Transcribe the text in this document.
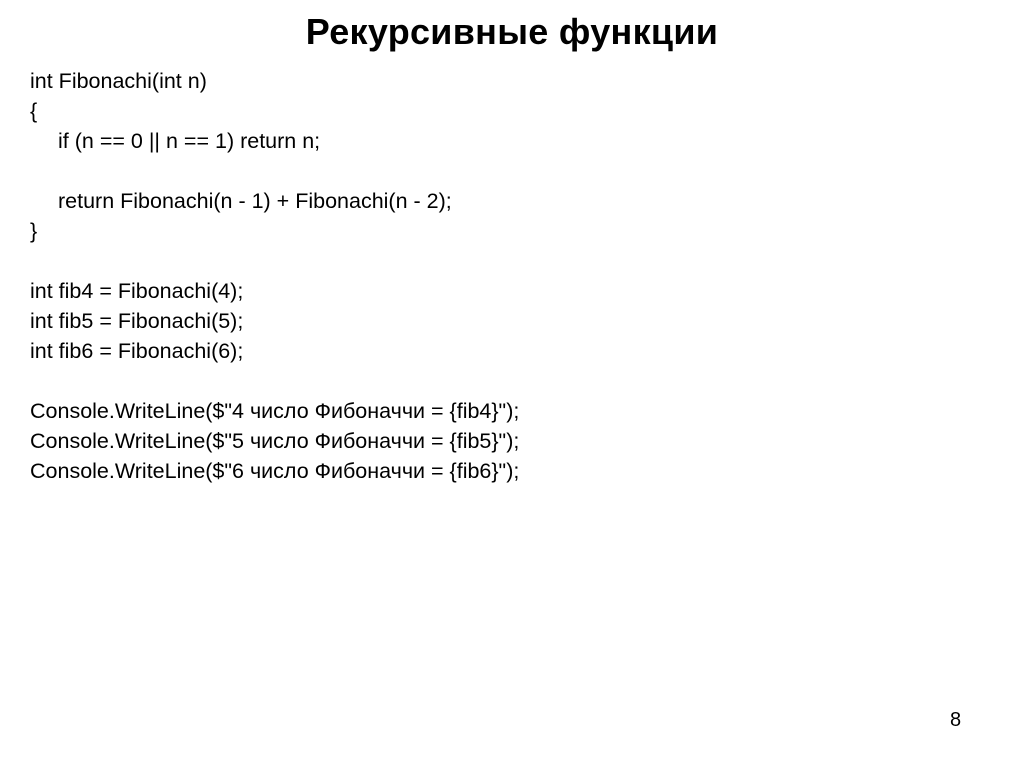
Рекурсивные функции
int Fibonachi(int n)
{
if (n == 0 || n == 1) return n;
return Fibonachi(n - 1) + Fibonachi(n - 2);
}
int fib4 = Fibonachi(4);
int fib5 = Fibonachi(5);
int fib6 = Fibonachi(6);
Console.WriteLine($"4 число Фибоначчи = {fib4}");
Console.WriteLine($"5 число Фибоначчи = {fib5}");
Console.WriteLine($"6 число Фибоначчи = {fib6}");
8
